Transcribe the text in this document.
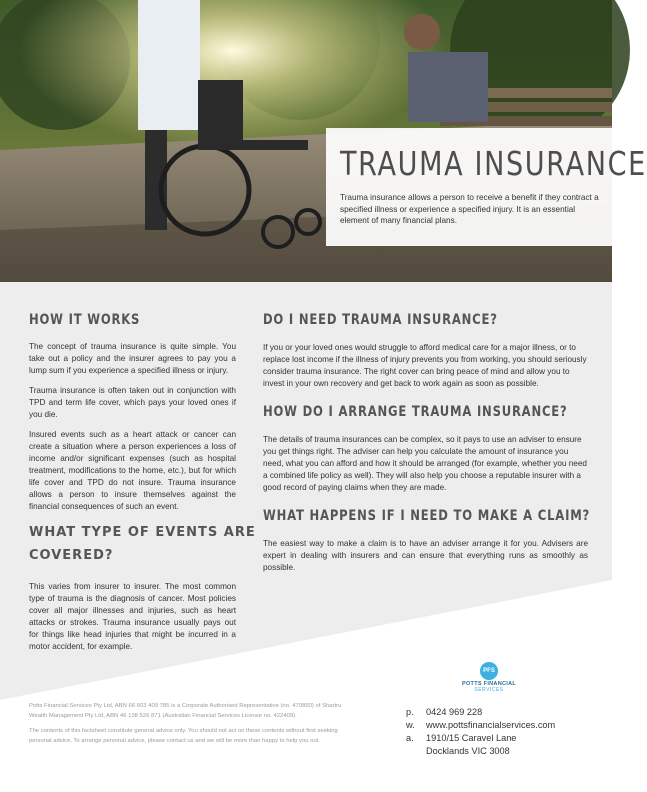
TRAUMA INSURANCE

Trauma insurance allows a person to receive a benefit if they contract a specified illness or experience a specified injury. It is an essential element of many financial plans.

HOW IT WORKS

The concept of trauma insurance is quite simple. You take out a policy and the insurer agrees to pay you a lump sum if you experience a specified illness or injury.

Trauma insurance is often taken out in conjunction with TPD and term life cover, which pays your loved ones if you die.

Insured events such as a heart attack or cancer can create a situation where a person experiences a loss of income and/or significant expenses (such as hospital treatment, modifications to the home, etc.), but for which life cover and TPD do not insure. Trauma insurance allows a person to insure themselves against the financial consequences of such an event.

WHAT TYPE OF EVENTS ARE COVERED?

This varies from insurer to insurer. The most common type of trauma is the diagnosis of cancer. Most policies cover all major illnesses and injuries, such as heart attacks or strokes. Trauma insurance usually pays out for things like head injuries that might be incurred in a motor accident, for example.

DO I NEED TRAUMA INSURANCE?

If you or your loved ones would struggle to afford medical care for a major illness, or to replace lost income if the illness of injury prevents you from working, you should seriously consider trauma insurance. The right cover can bring peace of mind and allow you to invest in your own recovery and get back to work again as soon as possible.

HOW DO I ARRANGE TRAUMA INSURANCE?

The details of trauma insurances can be complex, so it pays to use an adviser to ensure you get things right. The adviser can help you calculate the amount of insurance you need, what you can afford and how it should be arranged (for example, whether you need a combined life policy as well). They will also help you choose a reputable insurer with a good record of paying claims when they are made.

WHAT HAPPENS IF I NEED TO MAKE A CLAIM?

The easiest way to make a claim is to have an adviser arrange it for you. Advisers are expert in dealing with insurers and can ensure that everything runs as smoothly as possible.

PFS
POTTS FINANCIAL
SERVICES

Potts Financial Services Pty Ltd, ABN 66 603 409 785 is a Corporate Authorised Representative (no. 470850) of Shartru Wealth Management Pty Ltd, ABN 46 138 526 871 (Australian Financial Services License no. 422409).

The contents of this factsheet constitute general advice only. You should not act on these contents without first seeking personal advice. To arrange personal advice, please contact us and we will be more than happy to help you out.

p.	0424 969 228
w.	www.pottsfinancialservices.com
a.	1910/15 Caravel Lane
Docklands VIC 3008
